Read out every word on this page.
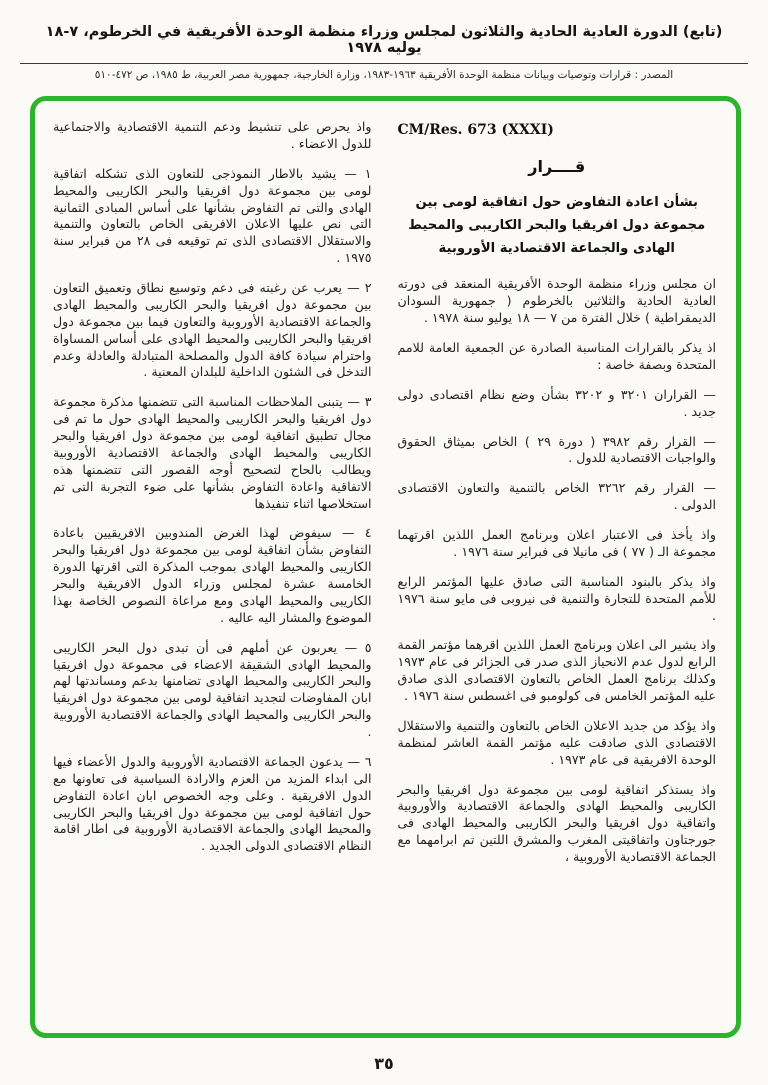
(تابع) الدورة العادية الحادية والثلاثون لمجلس وزراء منظمة الوحدة الأفريقية في الخرطوم، ٧-١٨ يوليه ١٩٧٨
المصدر : قرارات وتوصيات وبيانات منظمة الوحدة الأفريقية ١٩٦٣-١٩٨٣، وزارة الخارجية، جمهورية مصر العربية، ط ١٩٨٥، ص ٤٧٢-٥١٠
CM/Res. 673 (XXXI)
قــــرار
بشأن اعادة التفاوض حول اتفاقية لومى بين مجموعة دول افريقيا والبحر الكاريبى والمحيط الهادى والجماعة الاقتصادية الأوروبية

ان مجلس وزراء منظمة الوحدة الأفريقية المنعقد فى دورته العادية الحادية والثلاثين بالخرطوم ( جمهورية السودان الديمقراطية ) خلال الفترة من ٧ — ١٨ يوليو سنة ١٩٧٨ .

اذ يذكر بالقرارات المناسبة الصادرة عن الجمعية العامة للامم المتحدة وبصفة خاصة :

— القراران ٣٢٠١ و ٣٢٠٢ بشأن وضع نظام اقتصادى دولى جديد .

— القرار رقم ٣٩٨٢ ( دورة ٢٩ ) الخاص بميثاق الحقوق والواجبات الاقتصادية للدول .

— القرار رقم ٣٢٦٢ الخاص بالتنمية والتعاون الاقتصادى الدولى .

واذ يأخذ فى الاعتبار اعلان وبرنامج العمل اللذين اقرتهما مجموعة الـ ( ٧٧ ) فى مانيلا فى فبراير سنة ١٩٧٦ .

واذ يذكر بالبنود المناسبة التى صادق عليها المؤتمر الرابع للأمم المتحدة للتجارة والتنمية فى نيروبى فى مايو سنة ١٩٧٦ .

واذ يشير الى اعلان وبرنامج العمل اللذين اقرهما مؤتمر القمة الرابع لدول عدم الانحياز الذى صدر فى الجزائر فى عام ١٩٧٣ وكذلك برنامج العمل الخاص بالتعاون الاقتصادى الذى صادق عليه المؤتمر الخامس فى كولومبو فى اغسطس سنة ١٩٧٦ .

واذ يؤكد من جديد الاعلان الخاص بالتعاون والتنمية والاستقلال الاقتصادى الذى صادقت عليه مؤتمر القمة العاشر لمنظمة الوحدة الافريقية فى عام ١٩٧٣ .

واذ يستذكر اتفاقية لومى بين مجموعة دول افريقيا والبحر الكاريبى والمحيط الهادى والجماعة الاقتصادية والأوروبية واتفاقية دول افريقيا والبحر الكاريبى والمحيط الهادى فى جورجتاون واتفاقيتى المغرب والمشرق اللتين تم ابرامهما مع الجماعة الاقتصادية الأوروبية ،

واذ يحرص على تنشيط ودعم التنمية الاقتصادية والاجتماعية للدول الاعضاء .

١ — يشيد بالاطار النموذجى للتعاون الذى تشكله اتفاقية لومى بين مجموعة دول افريقيا والبحر الكاريبى والمحيط الهادى والتى تم التفاوض بشأنها على أساس المبادى الثمانية التى نص عليها الاعلان الافريقى الخاص بالتعاون والتنمية والاستقلال الاقتصادى الذى تم توقيعه فى ٢٨ من فبراير سنة ١٩٧٥ .

٢ — يعرب عن رغبته فى دعم وتوسيع نطاق وتعميق التعاون بين مجموعة دول افريقيا والبحر الكاريبى والمحيط الهادى والجماعة الاقتصادية الأوروبية والتعاون فيما بين مجموعة دول افريقيا والبحر الكاريبى والمحيط الهادى على أساس المساواة واحترام سيادة كافة الدول والمصلحة المتبادلة والعادلة وعدم التدخل فى الشئون الداخلية للبلدان المعنية .

٣ — يتبنى الملاحظات المناسبة التى تتضمنها مذكرة مجموعة دول افريقيا والبحر الكاريبى والمحيط الهادى حول ما تم فى مجال تطبيق اتفاقية لومى بين مجموعة دول افريقيا والبحر الكاريبى والمحيط الهادى والجماعة الاقتصادية الأوروبية ويطالب بالحاح لتصحيح أوجه القصور التى تتضمنها هذه الاتفاقية واعادة التفاوض بشأنها على ضوء التجربة التى تم استخلاصها اثناء تنفيذها

٤ — سيفوض لهذا الغرض المندوبين الافريقيين باعادة التفاوض بشأن اتفاقية لومى بين مجموعة دول افريقيا والبحر الكاريبى والمحيط الهادى بموجب المذكرة التى اقرتها الدورة الخامسة عشرة لمجلس وزراء الدول الافريقية والبحر الكاريبى والمحيط الهادى ومع مراعاة النصوص الخاصة بهذا الموضوع والمشار اليه عاليه .

٥ — يعربون عن أملهم فى أن تبدى دول البحر الكاريبى والمحيط الهادى الشقيقة الاعضاء فى مجموعة دول افريقيا والبحر الكاريبى والمحيط الهادى تضامنها بدعم ومساندتها لهم ابان المفاوضات لتجديد اتفاقية لومى بين مجموعة دول افريقيا والبحر الكاريبى والمحيط الهادى والجماعة الاقتصادية الأوروبية .

٦ — يدعون الجماعة الاقتصادية الأوروبية والدول الأعضاء فيها الى ابداء المزيد من العزم والارادة السياسية فى تعاونها مع الدول الافريقية . وعلى وجه الخصوص ابان اعادة التفاوض حول اتفاقية لومى بين مجموعة دول افريقيا والبحر الكاريبى والمحيط الهادى والجماعة الاقتصادية الأوروبية فى اطار اقامة النظام الاقتصادى الدولى الجديد .

٣٥
